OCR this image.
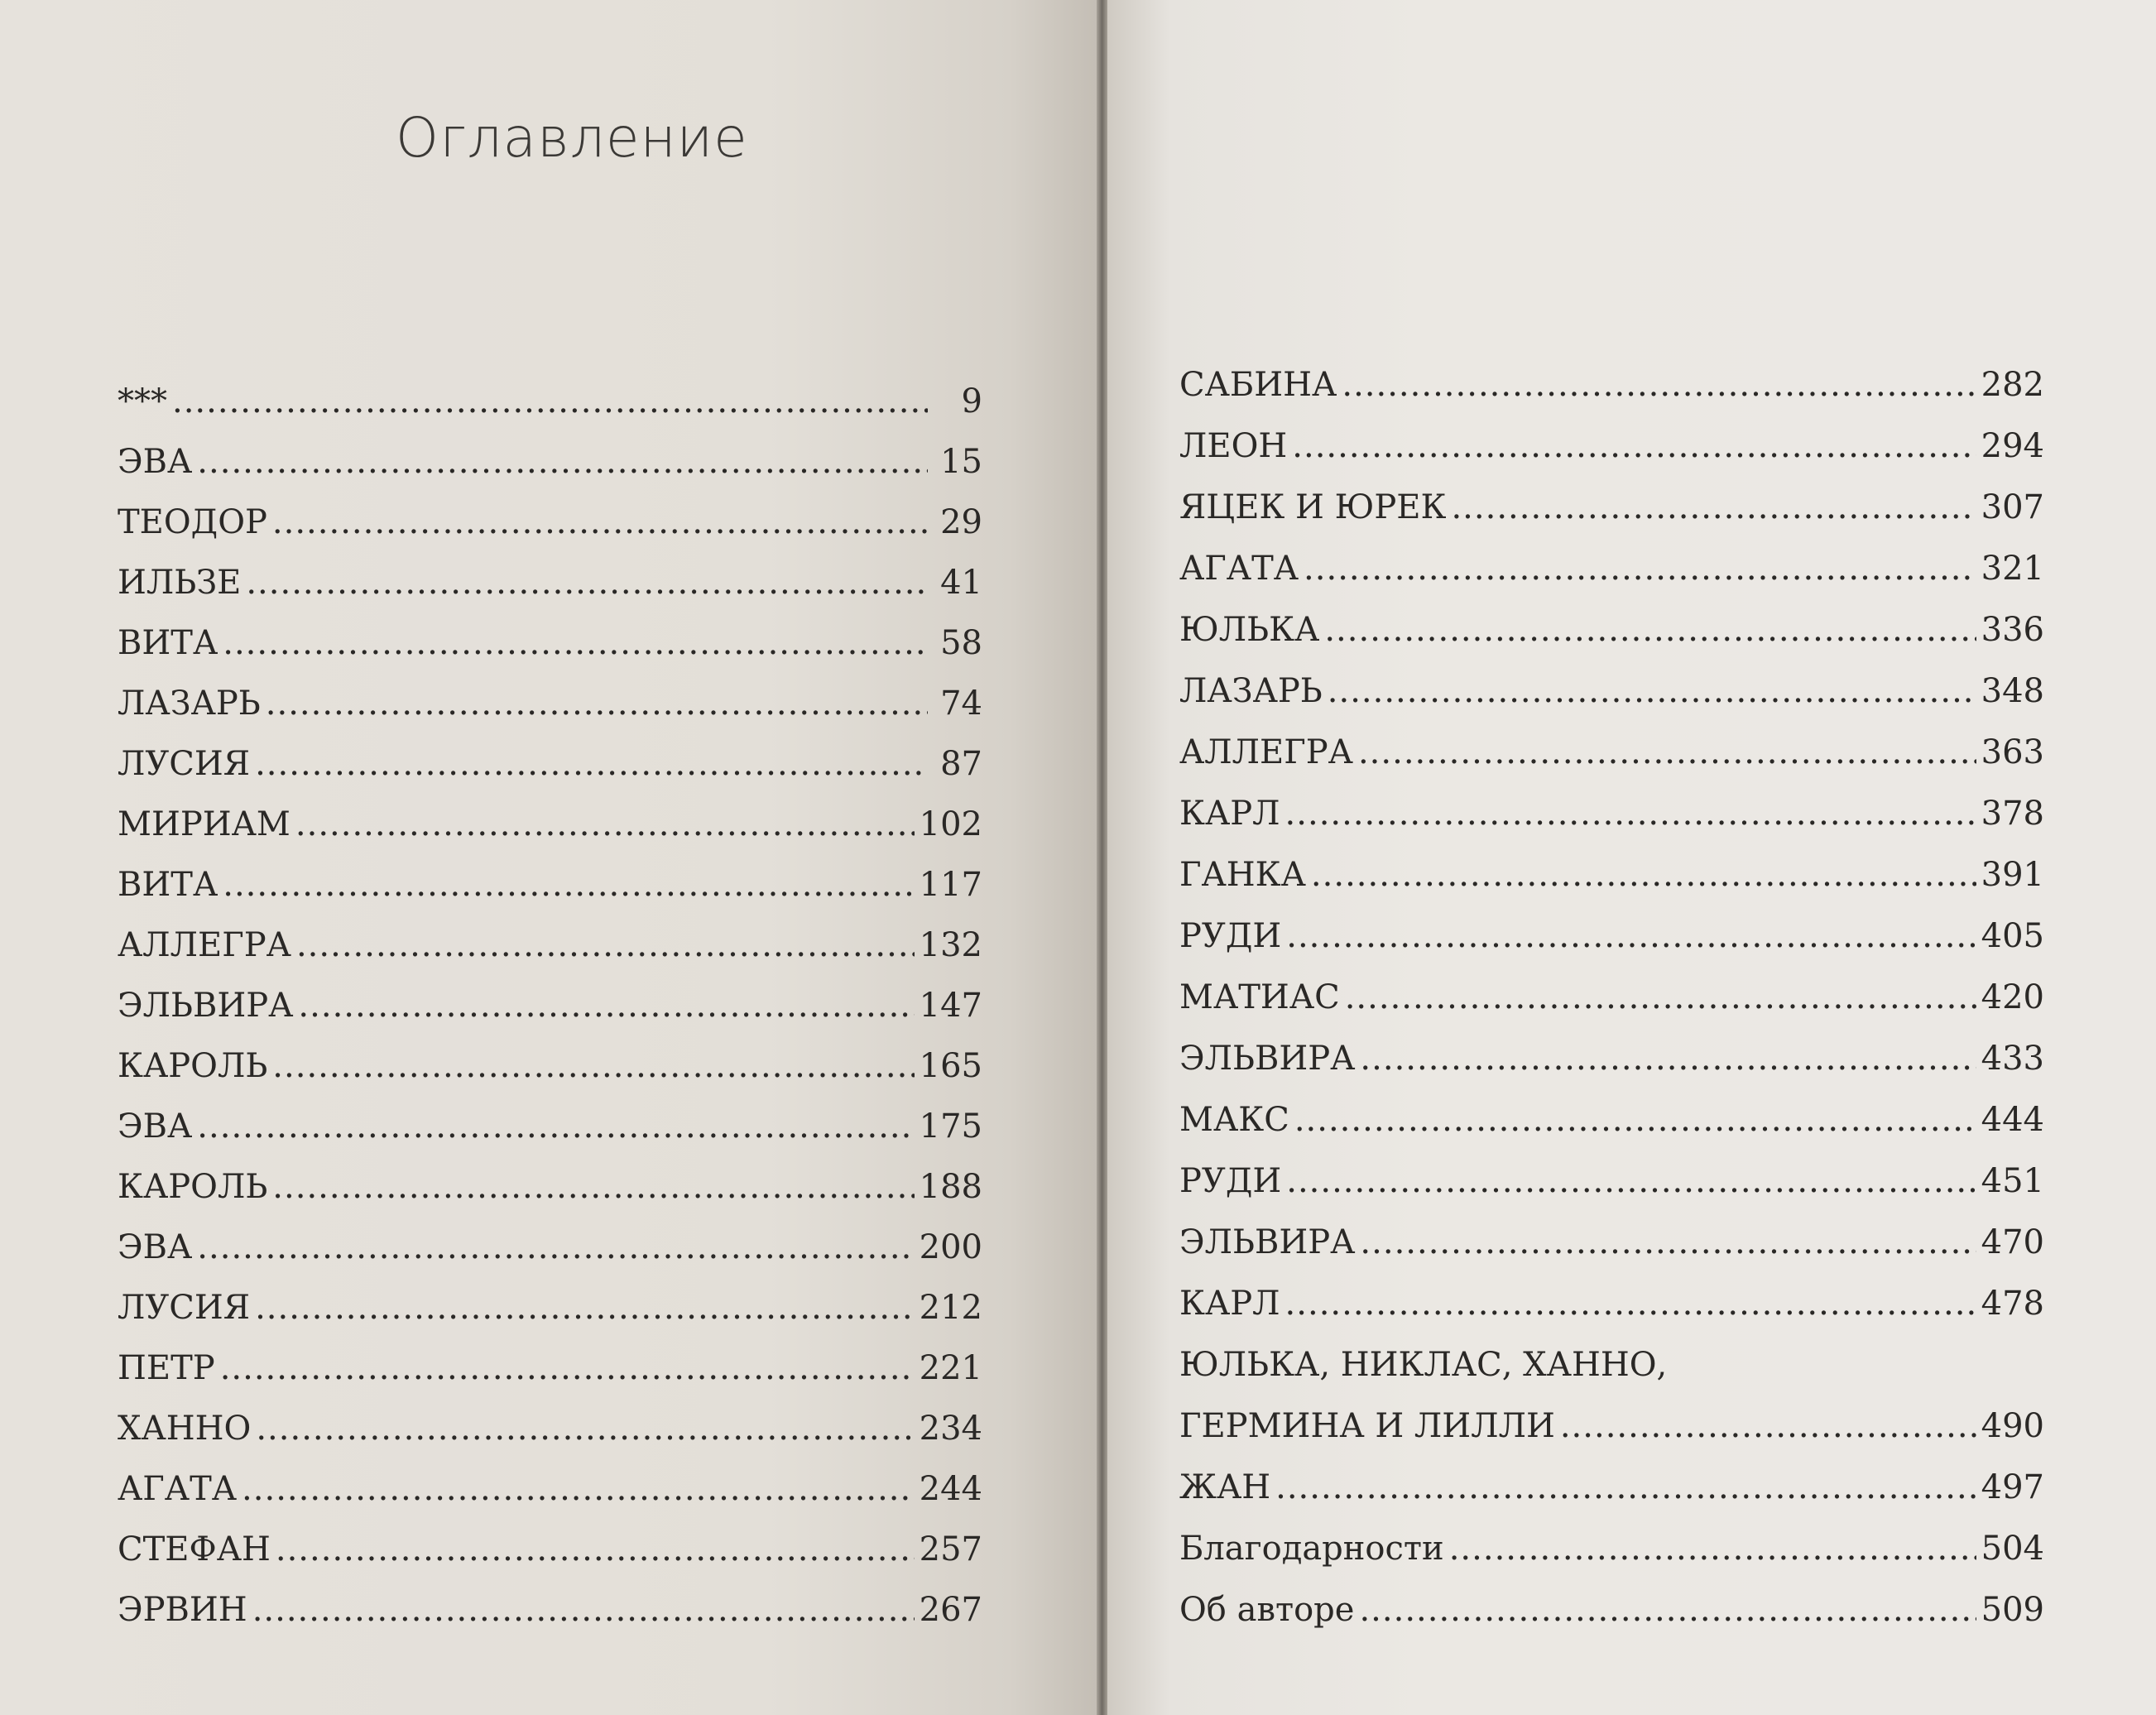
Оглавление
*** .....	9
ЭВА .....	15
ТЕОДОР .....	29
ИЛЬЗЕ .....	41
ВИТА .....	58
ЛАЗАРЬ .....	74
ЛУСИЯ .....	87
МИРИАМ .....	102
ВИТА .....	117
АЛЛЕГРА .....	132
ЭЛЬВИРА .....	147
КАРОЛЬ .....	165
ЭВА .....	175
КАРОЛЬ .....	188
ЭВА .....	200
ЛУСИЯ .....	212
ПЕТР .....	221
ХАННО .....	234
АГАТА .....	244
СТЕФАН .....	257
ЭРВИН .....	267
САБИНА .....	282
ЛЕОН .....	294
ЯЦЕК И ЮРЕК .....	307
АГАТА .....	321
ЮЛЬКА .....	336
ЛАЗАРЬ .....	348
АЛЛЕГРА .....	363
КАРЛ .....	378
ГАНКА .....	391
РУДИ .....	405
МАТИАС .....	420
ЭЛЬВИРА .....	433
МАКС .....	444
РУДИ .....	451
ЭЛЬВИРА .....	470
КАРЛ .....	478
ЮЛЬКА, НИКЛАС, ХАННО,
ГЕРМИНА И ЛИЛЛИ .....	490
ЖАН .....	497
Благодарности .....	504
Об авторе .....	509
